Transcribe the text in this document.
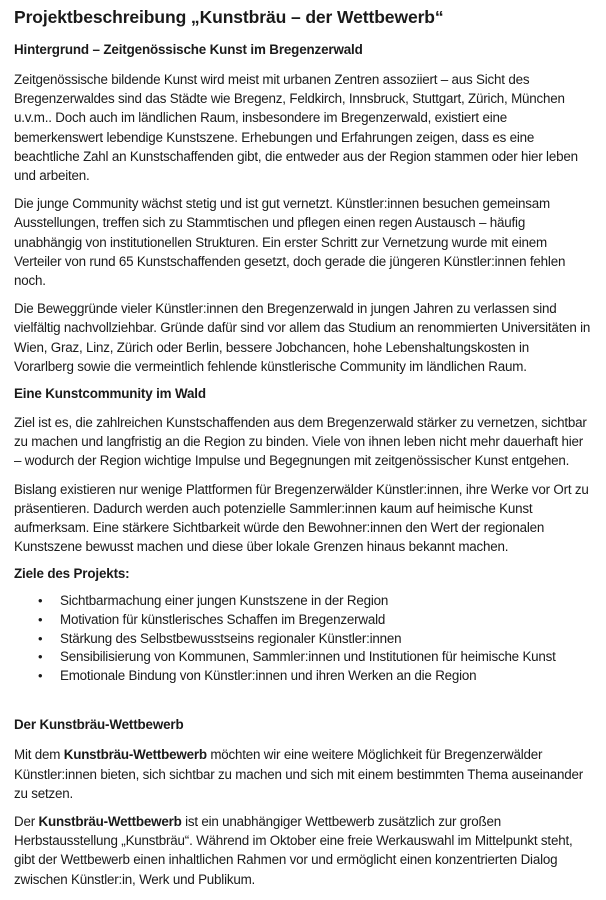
Projektbeschreibung „Kunstbräu – der Wettbewerb“
Hintergrund – Zeitgenössische Kunst im Bregenzerwald

Zeitgenössische bildende Kunst wird meist mit urbanen Zentren assoziiert – aus Sicht des Bregenzerwaldes sind das Städte wie Bregenz, Feldkirch, Innsbruck, Stuttgart, Zürich, München u.v.m.. Doch auch im ländlichen Raum, insbesondere im Bregenzerwald, existiert eine bemerkenswert lebendige Kunstszene. Erhebungen und Erfahrungen zeigen, dass es eine beachtliche Zahl an Kunstschaffenden gibt, die entweder aus der Region stammen oder hier leben und arbeiten.

Die junge Community wächst stetig und ist gut vernetzt. Künstler:innen besuchen gemeinsam Ausstellungen, treffen sich zu Stammtischen und pflegen einen regen Austausch – häufig unabhängig von institutionellen Strukturen. Ein erster Schritt zur Vernetzung wurde mit einem Verteiler von rund 65 Kunstschaffenden gesetzt, doch gerade die jüngeren Künstler:innen fehlen noch.

Die Beweggründe vieler Künstler:innen den Bregenzerwald in jungen Jahren zu verlassen sind vielfältig nachvollziehbar. Gründe dafür sind vor allem das Studium an renommierten Universitäten in Wien, Graz, Linz, Zürich oder Berlin, bessere Jobchancen, hohe Lebenshaltungskosten in Vorarlberg sowie die vermeintlich fehlende künstlerische Community im ländlichen Raum.

Eine Kunstcommunity im Wald

Ziel ist es, die zahlreichen Kunstschaffenden aus dem Bregenzerwald stärker zu vernetzen, sichtbar zu machen und langfristig an die Region zu binden. Viele von ihnen leben nicht mehr dauerhaft hier – wodurch der Region wichtige Impulse und Begegnungen mit zeitgenössischer Kunst entgehen.

Bislang existieren nur wenige Plattformen für Bregenzerwälder Künstler:innen, ihre Werke vor Ort zu präsentieren. Dadurch werden auch potenzielle Sammler:innen kaum auf heimische Kunst aufmerksam. Eine stärkere Sichtbarkeit würde den Bewohner:innen den Wert der regionalen Kunstszene bewusst machen und diese über lokale Grenzen hinaus bekannt machen.

Ziele des Projekts:
• Sichtbarmachung einer jungen Kunstszene in der Region
• Motivation für künstlerisches Schaffen im Bregenzerwald
• Stärkung des Selbstbewusstseins regionaler Künstler:innen
• Sensibilisierung von Kommunen, Sammler:innen und Institutionen für heimische Kunst
• Emotionale Bindung von Künstler:innen und ihren Werken an die Region
Der Kunstbräu-Wettbewerb

Mit dem Kunstbräu-Wettbewerb möchten wir eine weitere Möglichkeit für Bregenzerwälder Künstler:innen bieten, sich sichtbar zu machen und sich mit einem bestimmten Thema auseinander zu setzen.

Der Kunstbräu-Wettbewerb ist ein unabhängiger Wettbewerb zusätzlich zur großen Herbstausstellung „Kunstbräu“. Während im Oktober eine freie Werkauswahl im Mittelpunkt steht, gibt der Wettbewerb einen inhaltlichen Rahmen vor und ermöglicht einen konzentrierten Dialog zwischen Künstler:in, Werk und Publikum.
